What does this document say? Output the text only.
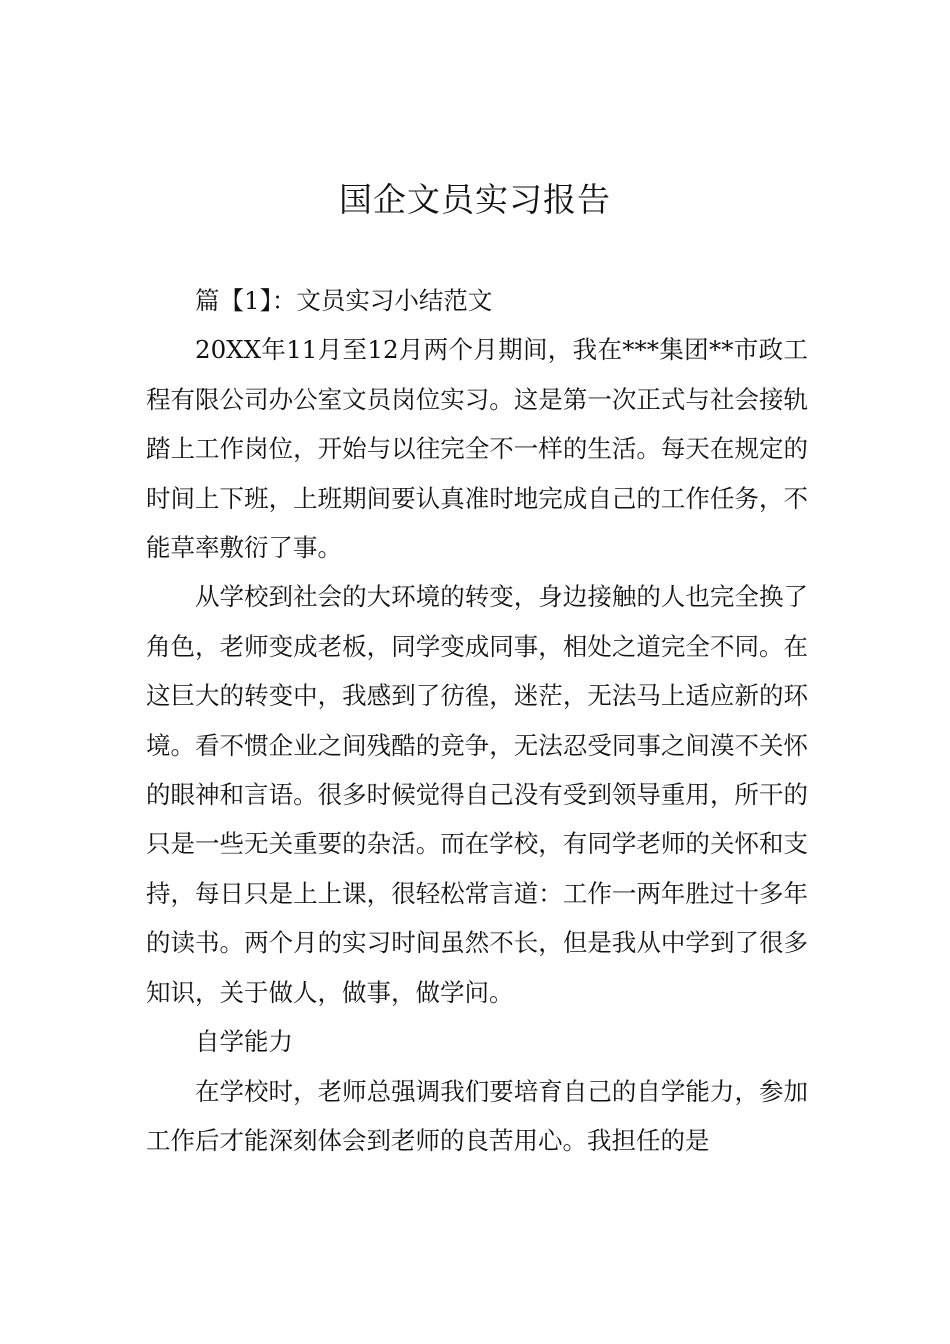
国企文员实习报告

篇【1】：文员实习小结范文

20XX年11月至12月两个月期间，我在***集团**市政工程有限公司办公室文员岗位实习。这是第一次正式与社会接轨踏上工作岗位，开始与以往完全不一样的生活。每天在规定的时间上下班，上班期间要认真准时地完成自己的工作任务，不能草率敷衍了事。

从学校到社会的大环境的转变，身边接触的人也完全换了角色，老师变成老板，同学变成同事，相处之道完全不同。在这巨大的转变中，我感到了彷徨，迷茫，无法马上适应新的环境。看不惯企业之间残酷的竞争，无法忍受同事之间漠不关怀的眼神和言语。很多时候觉得自己没有受到领导重用，所干的只是一些无关重要的杂活。而在学校，有同学老师的关怀和支持，每日只是上上课，很轻松常言道：工作一两年胜过十多年的读书。两个月的实习时间虽然不长，但是我从中学到了很多知识，关于做人，做事，做学问。

自学能力

在学校时，老师总强调我们要培育自己的自学能力，参加工作后才能深刻体会到老师的良苦用心。我担任的是
